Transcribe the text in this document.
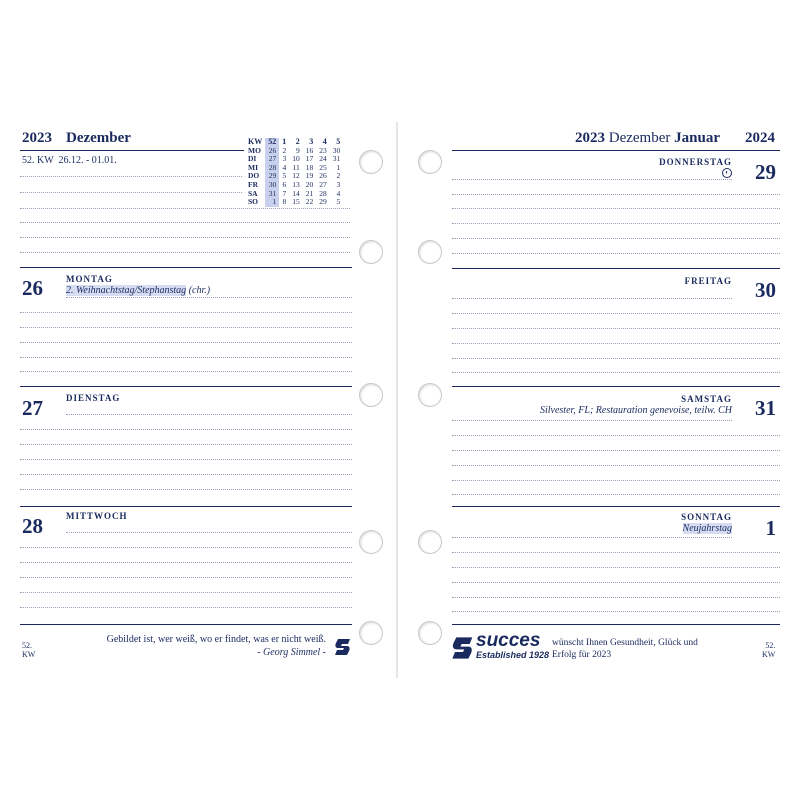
2023 Dezember
52. KW  26.12. - 01.01.
KW	52	1	2	3	4	5
MO	26	2	9	16	23	30
DI	27	3	10	17	24	31
MI	28	4	11	18	25	1
DO	29	5	12	19	26	2
FR	30	6	13	20	27	3
SA	31	7	14	21	28	4
SO	1	8	15	22	29	5
26	MONTAG
2. Weihnachtstag/Stephanstag (chr.)
27	DIENSTAG
28	MITTWOCH
52.
KW
Gebildet ist, wer weiß, wo er findet, was er nicht weiß.
- Georg Simmel -
2023 Dezember Januar 2024
DONNERSTAG
◐ 29
FREITAG 30
SAMSTAG
Silvester, FL; Restauration genevoise, teilw. CH 31
SONNTAG
Neujahrstag 1
succes
Established 1928
wünscht Ihnen Gesundheit, Glück und
Erfolg für 2023
52.
KW
